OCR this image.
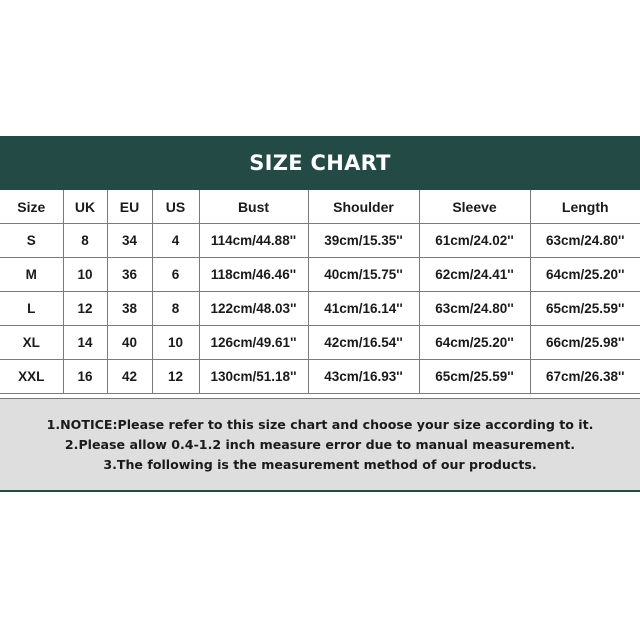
SIZE CHART
Size	UK	EU	US	Bust	Shoulder	Sleeve	Length
S	8	34	4	114cm/44.88''	39cm/15.35''	61cm/24.02''	63cm/24.80''
M	10	36	6	118cm/46.46''	40cm/15.75''	62cm/24.41''	64cm/25.20''
L	12	38	8	122cm/48.03''	41cm/16.14''	63cm/24.80''	65cm/25.59''
XL	14	40	10	126cm/49.61''	42cm/16.54''	64cm/25.20''	66cm/25.98''
XXL	16	42	12	130cm/51.18''	43cm/16.93''	65cm/25.59''	67cm/26.38''

1.NOTICE:Please refer to this size chart and choose your size according to it.

2.Please allow 0.4-1.2 inch measure error due to manual measurement.

3.The following is the measurement method of our products.
